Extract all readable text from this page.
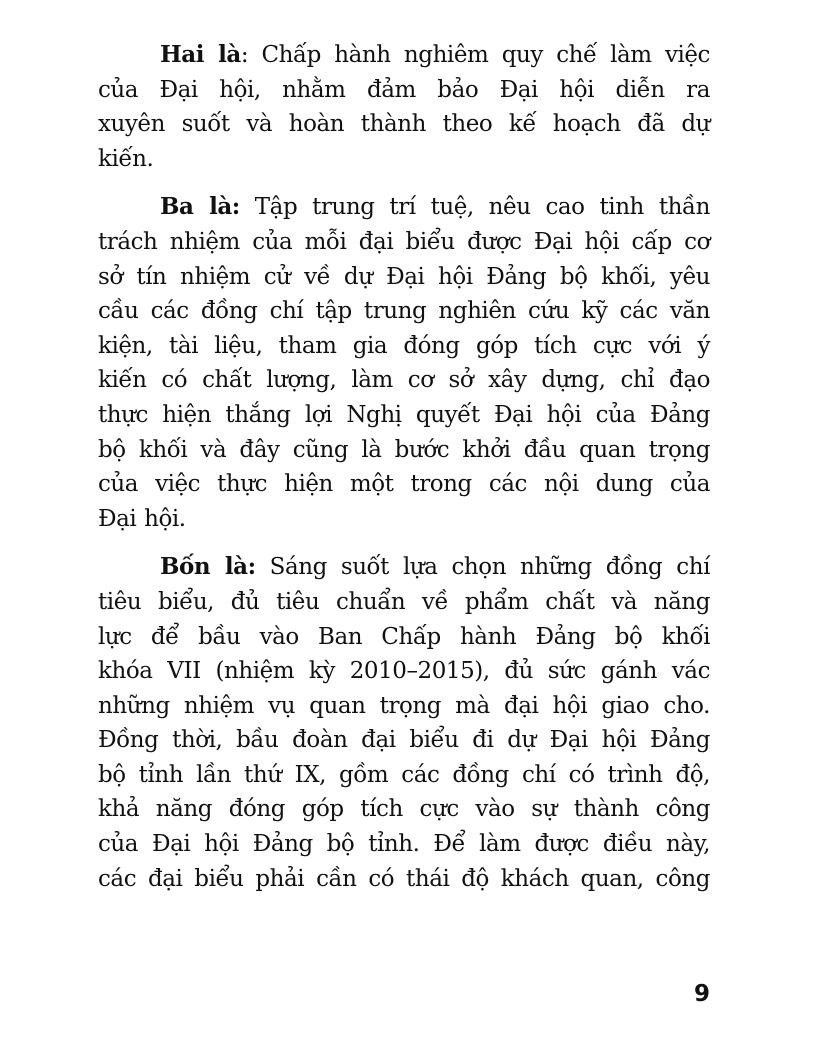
Hai là: Chấp hành nghiêm quy chế làm việc
của Đại hội, nhằm đảm bảo Đại hội diễn ra
xuyên suốt và hoàn thành theo kế hoạch đã dự
kiến.

Ba là: Tập trung trí tuệ, nêu cao tinh thần
trách nhiệm của mỗi đại biểu được Đại hội cấp cơ
sở tín nhiệm cử về dự Đại hội Đảng bộ khối, yêu
cầu các đồng chí tập trung nghiên cứu kỹ các văn
kiện, tài liệu, tham gia đóng góp tích cực với ý
kiến có chất lượng, làm cơ sở xây dựng, chỉ đạo
thực hiện thắng lợi Nghị quyết Đại hội của Đảng
bộ khối và đây cũng là bước khởi đầu quan trọng
của việc thực hiện một trong các nội dung của
Đại hội.

Bốn là: Sáng suốt lựa chọn những đồng chí
tiêu biểu, đủ tiêu chuẩn về phẩm chất và năng
lực để bầu vào Ban Chấp hành Đảng bộ khối
khóa VII (nhiệm kỳ 2010–2015), đủ sức gánh vác
những nhiệm vụ quan trọng mà đại hội giao cho.
Đồng thời, bầu đoàn đại biểu đi dự Đại hội Đảng
bộ tỉnh lần thứ IX, gồm các đồng chí có trình độ,
khả năng đóng góp tích cực vào sự thành công
của Đại hội Đảng bộ tỉnh. Để làm được điều này,
các đại biểu phải cần có thái độ khách quan, công

9
